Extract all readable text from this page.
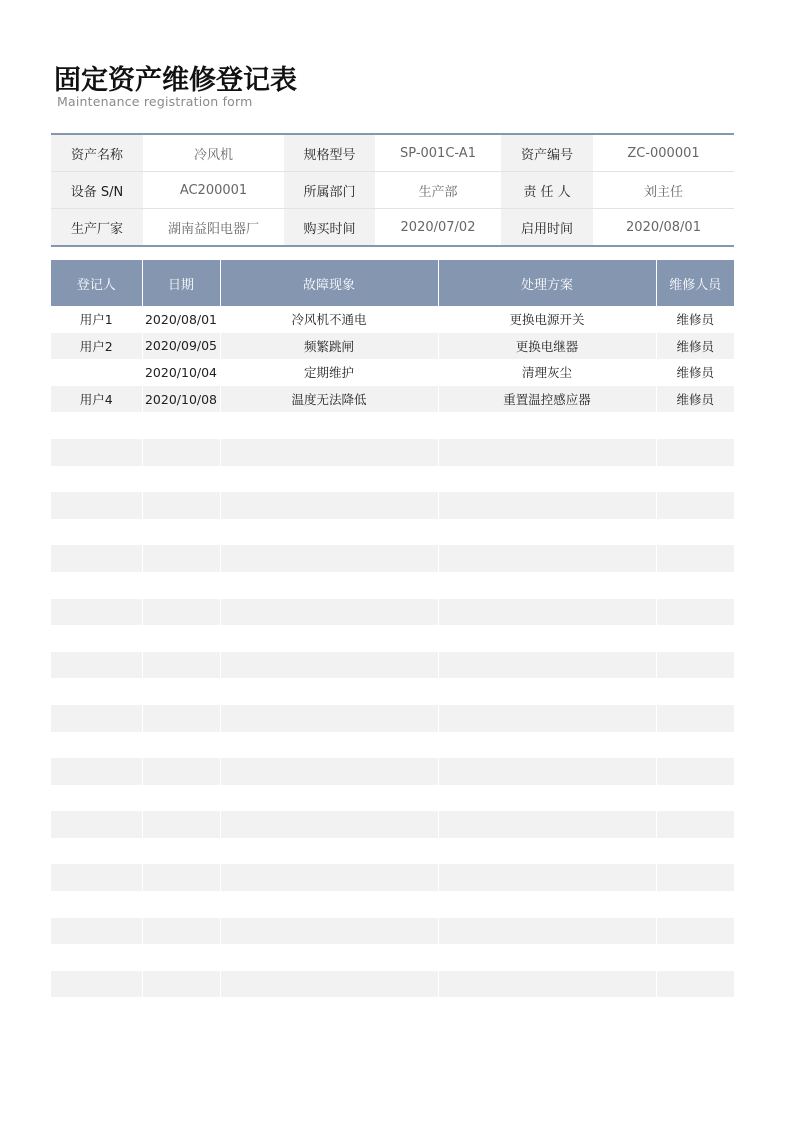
固定资产维修登记表
Maintenance registration form
资产名称	冷风机	规格型号	SP-001C-A1	资产编号	ZC-000001
设备 S/N	AC200001	所属部门	生产部	责 任 人	刘主任
生产厂家	湖南益阳电器厂	购买时间	2020/07/02	启用时间	2020/08/01
登记人	日期	故障现象	处理方案	维修人员
用户1	2020/08/01	冷风机不通电	更换电源开关	维修员
用户2	2020/09/05	频繁跳闸	更换电继器	维修员
	2020/10/04	定期维护	清理灰尘	维修员
用户4	2020/10/08	温度无法降低	重置温控感应器	维修员
